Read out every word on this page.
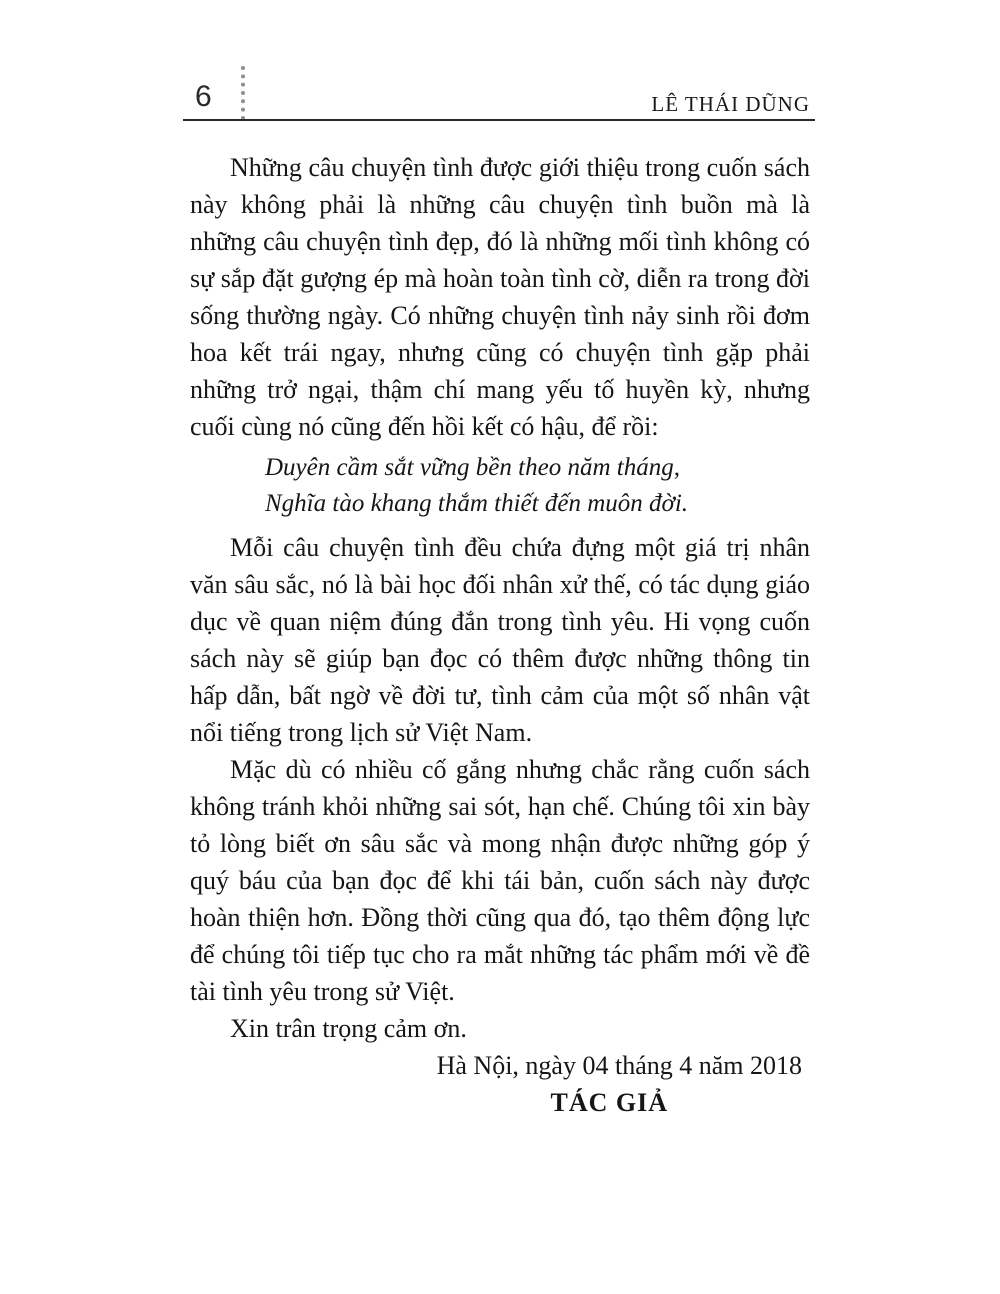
6	LÊ THÁI DŨNG

Những câu chuyện tình được giới thiệu trong cuốn sách này không phải là những câu chuyện tình buồn mà là những câu chuyện tình đẹp, đó là những mối tình không có sự sắp đặt gượng ép mà hoàn toàn tình cờ, diễn ra trong đời sống thường ngày. Có những chuyện tình nảy sinh rồi đơm hoa kết trái ngay, nhưng cũng có chuyện tình gặp phải những trở ngại, thậm chí mang yếu tố huyền kỳ, nhưng cuối cùng nó cũng đến hồi kết có hậu, để rồi:

Duyên cầm sắt vững bền theo năm tháng,
Nghĩa tào khang thắm thiết đến muôn đời.

Mỗi câu chuyện tình đều chứa đựng một giá trị nhân văn sâu sắc, nó là bài học đối nhân xử thế, có tác dụng giáo dục về quan niệm đúng đắn trong tình yêu. Hi vọng cuốn sách này sẽ giúp bạn đọc có thêm được những thông tin hấp dẫn, bất ngờ về đời tư, tình cảm của một số nhân vật nổi tiếng trong lịch sử Việt Nam.

Mặc dù có nhiều cố gắng nhưng chắc rằng cuốn sách không tránh khỏi những sai sót, hạn chế. Chúng tôi xin bày tỏ lòng biết ơn sâu sắc và mong nhận được những góp ý quý báu của bạn đọc để khi tái bản, cuốn sách này được hoàn thiện hơn. Đồng thời cũng qua đó, tạo thêm động lực để chúng tôi tiếp tục cho ra mắt những tác phẩm mới về đề tài tình yêu trong sử Việt.

Xin trân trọng cảm ơn.

Hà Nội, ngày 04 tháng 4 năm 2018

TÁC GIẢ
